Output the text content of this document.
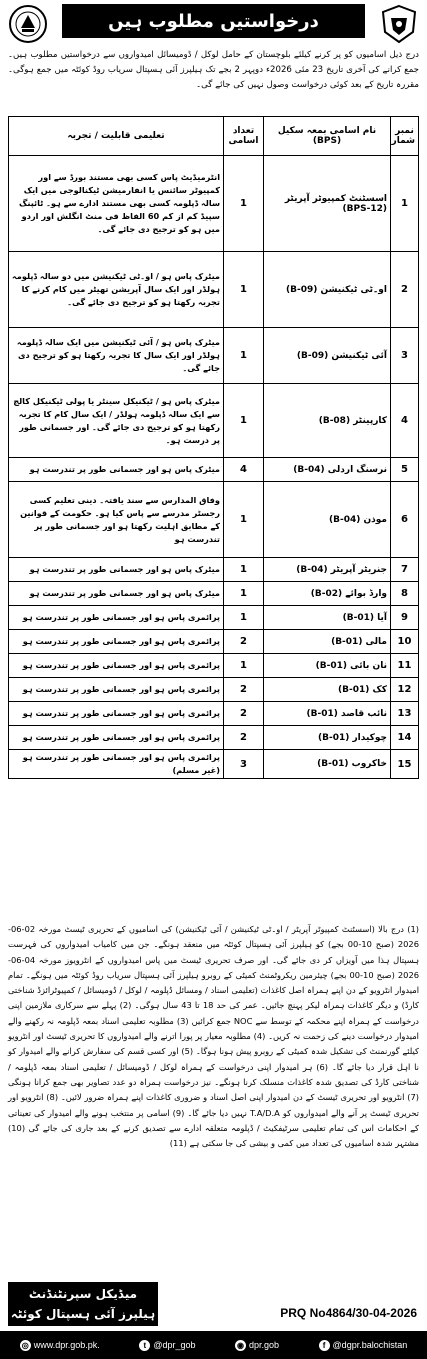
درخواستیں مطلوب ہیں
درج ذیل اسامیوں کو پر کرنے کیلئے بلوچستان کے حامل لوکل / ڈومیسائل امیدواروں سے درخواستیں مطلوب ہیں۔ جمع کرانے کی آخری تاریخ 23 مئی 2026ء دوپہر 2 بجے تک ہیلپرز آئی ہسپتال سریاب روڈ کوئٹہ میں جمع ہوگی۔ مقررہ تاریخ کے بعد کوئی درخواست وصول نہیں کی جائے گی۔
نمبر شمار	نام اسامی بمعہ سکیل (BPS)	تعداد اسامی	تعلیمی قابلیت / تجربہ
1	اسسٹنٹ کمپیوٹر آپریٹر (BPS-12)	1	انٹرمیڈیٹ پاس کسی بھی مستند بورڈ سے اور کمپیوٹر سائنس یا انفارمیشن ٹیکنالوجی میں ایک سالہ ڈپلومہ کسی بھی مستند ادارے سے ہو۔ ٹائپنگ سپیڈ کم از کم 60 الفاظ فی منٹ انگلش اور اردو میں ہو کو ترجیح دی جائے گی۔
2	او۔ٹی ٹیکنیشن (B-09)	1	میٹرک پاس ہو / او۔ٹی ٹیکنیشن میں دو سالہ ڈپلومہ ہولڈر اور ایک سال آپریشن تھیٹر میں کام کرنے کا تجربہ رکھتا ہو کو ترجیح دی جائے گی۔
3	آئی ٹیکنیشن (B-09)	1	میٹرک پاس ہو / آئی ٹیکنیشن میں ایک سالہ ڈپلومہ ہولڈر اور ایک سال کا تجربہ رکھتا ہو کو ترجیح دی جائے گی۔
4	کارپینٹر (B-08)	1	میٹرک پاس ہو / ٹیکنیکل سینٹر یا پولی ٹیکنیکل کالج سے ایک سالہ ڈپلومہ ہولڈر / ایک سال کام کا تجربہ رکھتا ہو کو ترجیح دی جائے گی۔ اور جسمانی طور پر درست ہو۔
5	نرسنگ اردلی (B-04)	4	میٹرک پاس ہو اور جسمانی طور پر تندرست ہو
6	موذن (B-04)	1	وفاق المدارس سے سند یافتہ۔ دینی تعلیم کسی رجسٹر مدرسے سے پاس کیا ہو۔ حکومت کے قوانین کے مطابق اہلیت رکھتا ہو اور جسمانی طور پر تندرست ہو
7	جنریٹر آپریٹر (B-04)	1	میٹرک پاس ہو اور جسمانی طور پر تندرست ہو
8	وارڈ بوائے (B-02)	1	میٹرک پاس ہو اور جسمانی طور پر تندرست ہو
9	آیا (B-01)	1	پرائمری پاس ہو اور جسمانی طور پر تندرست ہو
10	مالی (B-01)	2	پرائمری پاس ہو اور جسمانی طور پر تندرست ہو
11	نان بائی (B-01)	1	پرائمری پاس ہو اور جسمانی طور پر تندرست ہو
12	کک (B-01)	2	پرائمری پاس ہو اور جسمانی طور پر تندرست ہو
13	نائب قاصد (B-01)	2	پرائمری پاس ہو اور جسمانی طور پر تندرست ہو
14	چوکیدار (B-01)	2	پرائمری پاس ہو اور جسمانی طور پر تندرست ہو
15	خاکروب (B-01)	3	پرائمری پاس ہو اور جسمانی طور پر تندرست ہو (غیر مسلم)
(1) درج بالا (اسسٹنٹ کمپیوٹر آپریٹر / او۔ٹی ٹیکنیشن / آئی ٹیکنیشن) کی اسامیوں کے تحریری ٹیسٹ مورخہ 02-06-2026 (صبح 10-00 بجے) کو ہیلپرز آئی ہسپتال کوئٹہ میں منعقد ہونگے۔ جن میں کامیاب امیدواروں کی فہرست ہسپتال ہذا میں آویزاں کر دی جائے گی۔ اور صرف تحریری ٹیسٹ میں پاس امیدواروں کے انٹرویوز مورخہ 04-06-2026 (صبح 10-00 بجے) چیئرمین ریکروٹمنٹ کمیٹی کے روبرو ہیلپرز آئی ہسپتال سریاب روڈ کوئٹہ میں ہونگے۔ تمام امیدوار انٹرویو کے دن اپنے ہمراہ اصل کاغذات (تعلیمی اسناد / ومسائل ڈپلومہ / لوکل / ڈومیسائل / کمپیوٹرائزڈ شناختی کارڈ) و دیگر کاغذات ہمراہ لیکر پہنچ جائیں۔ عمر کی حد 18 تا 43 سال ہوگی۔ (2) پہلے سے سرکاری ملازمین اپنی درخواست کے ہمراہ اپنے محکمہ کے توسط سے NOC جمع کرائیں (3) مطلوبہ تعلیمی اسناد بمعہ ڈپلومہ نہ رکھنے والے امیدوار درخواست دینے کی زحمت نہ کریں۔ (4) مطلوبہ معیار پر پورا اترنے والے امیدواروں کا تحریری ٹیسٹ اور انٹرویو کیلئے گورنمنٹ کی تشکیل شدہ کمیٹی کے روبرو پیش ہونا ہوگا۔ (5) اور کسی قسم کی سفارش کرانے والے امیدوار کو نا اہل قرار دیا جائے گا۔ (6) ہر امیدوار اپنی درخواست کے ہمراہ لوکل / ڈومیسائل / تعلیمی اسناد بمعہ ڈپلومہ / شناختی کارڈ کی تصدیق شدہ کاغذات منسلک کرنا ہونگے۔ نیز درخواست ہمراہ دو عدد تصاویر بھی جمع کرانا ہونگی (7) انٹرویو اور تحریری ٹیسٹ کے دن امیدوار اپنی اصل اسناد و ضروری کاغذات اپنے ہمراہ ضرور لائیں۔ (8) انٹرویو اور تحریری ٹیسٹ پر آنے والے امیدواروں کو T.A/D.A نہیں دیا جائے گا۔ (9) اسامی پر منتخب ہونے والے امیدوار کی تعیناتی کے احکامات اس کی تمام تعلیمی سرٹیفکیٹ / ڈپلومہ متعلقہ ادارے سے تصدیق کرنے کے بعد جاری کی جائے گی (10) مشتہر شدہ اسامیوں کی تعداد میں کمی و بیشی کی جا سکتی ہے (11)
میڈیکل سپرنٹنڈنٹ
ہیلپرز آئی ہسپتال کوئٹہ	PRQ No4864/30-04-2026
◎ www.dpr.gob.pk.	t @dpr_gob	◉ dpr.gob	f @dgpr.balochistan
